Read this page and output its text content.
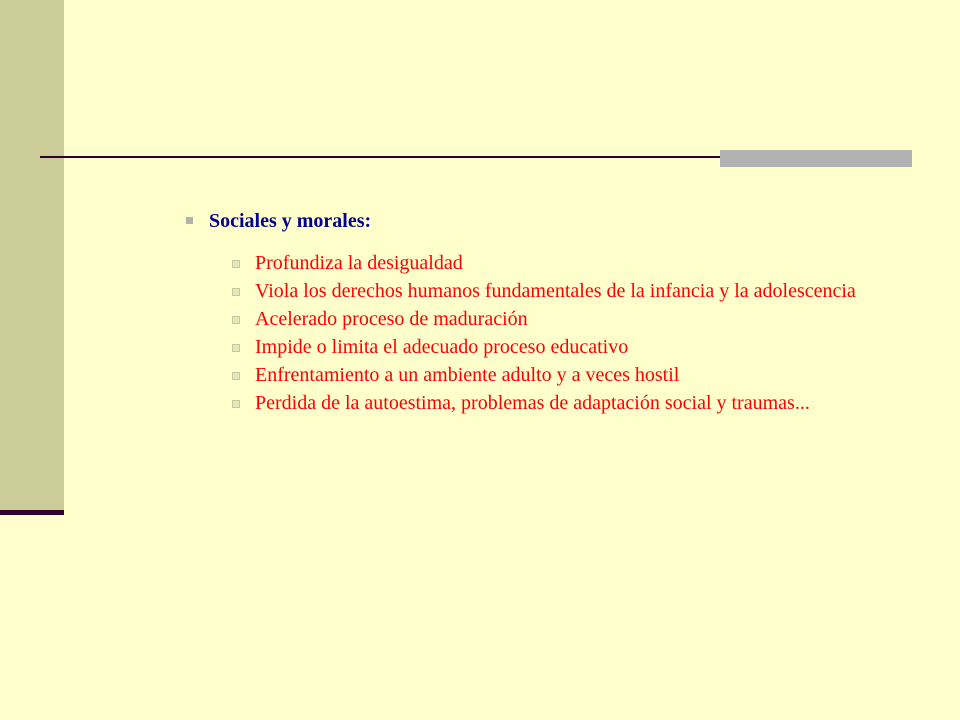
Sociales y morales:
Profundiza la desigualdad
Viola los derechos humanos fundamentales de la infancia y la adolescencia
Acelerado proceso de maduración
Impide o limita el adecuado proceso educativo
Enfrentamiento a un ambiente adulto y a veces hostil
Perdida de la autoestima, problemas de adaptación social y traumas...
